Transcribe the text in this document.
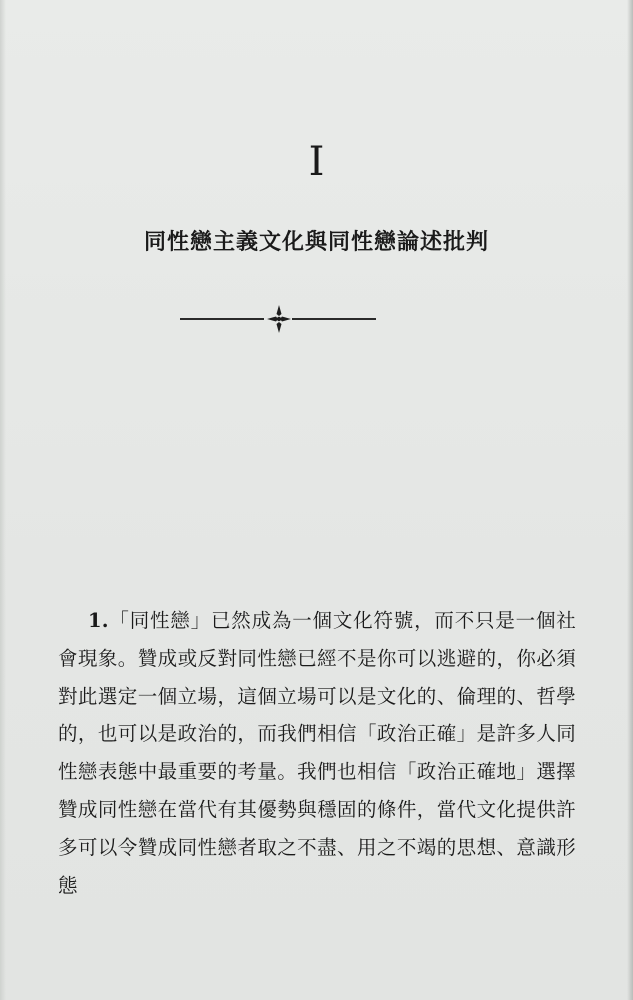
I
同性戀主義文化與同性戀論述批判
1.「同性戀」已然成為一個文化符號，而不只是一個社會現象。贊成或反對同性戀已經不是你可以逃避的，你必須對此選定一個立場，這個立場可以是文化的、倫理的、哲學的，也可以是政治的，而我們相信「政治正確」是許多人同性戀表態中最重要的考量。我們也相信「政治正確地」選擇贊成同性戀在當代有其優勢與穩固的條件，當代文化提供許多可以令贊成同性戀者取之不盡、用之不竭的思想、意識形態
